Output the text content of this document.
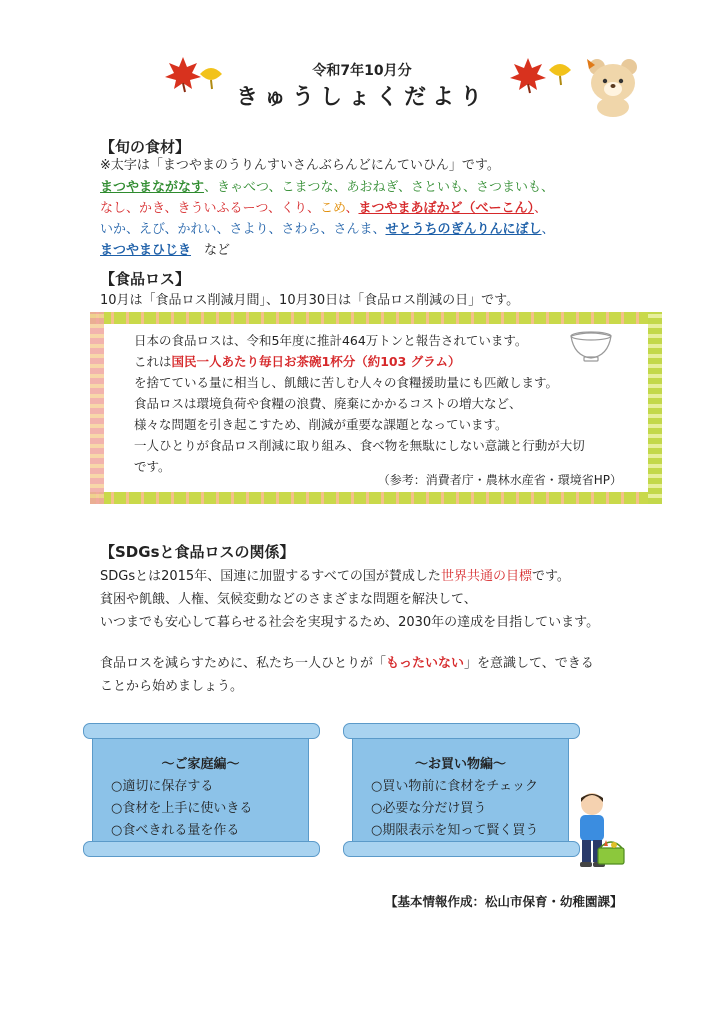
令和7年10月分
きゅうしょくだより
【旬の食材】
※太字は「まつやまのうりんすいさんぶらんどにんていひん」です。
まつやまながなす、きゃべつ、こまつな、あおねぎ、さといも、さつまいも、
なし、かき、きういふるーつ、くり、こめ、まつやまあぼかど（べーこん）、
いか、えび、かれい、さより、さわら、さんま、せとうちのぎんりんにぼし、
まつやまひじき　など
【食品ロス】
10月は「食品ロス削減月間」、10月30日は「食品ロス削減の日」です。
日本の食品ロスは、令和5年度に推計464万トンと報告されています。
これは国民一人あたり毎日お茶碗1杯分（約103 グラム）
を捨てている量に相当し、飢餓に苦しむ人々の食糧援助量にも匹敵します。
食品ロスは環境負荷や食糧の浪費、廃棄にかかるコストの増大など、
様々な問題を引き起こすため、削減が重要な課題となっています。
一人ひとりが食品ロス削減に取り組み、食べ物を無駄にしない意識と行動が大切
です。
（参考：消費者庁・農林水産省・環境省HP）
【SDGsと食品ロスの関係】
SDGsとは2015年、国連に加盟するすべての国が賛成した世界共通の目標です。
貧困や飢餓、人権、気候変動などのさまざまな問題を解決して、
いつまでも安心して暮らせる社会を実現するため、2030年の達成を目指しています。
食品ロスを減らすために、私たち一人ひとりが「もったいない」を意識して、できる
ことから始めましょう。
～ご家庭編～
○適切に保存する
○食材を上手に使いきる
○食べきれる量を作る
～お買い物編～
○買い物前に食材をチェック
○必要な分だけ買う
○期限表示を知って賢く買う
【基本情報作成：松山市保育・幼稚園課】
